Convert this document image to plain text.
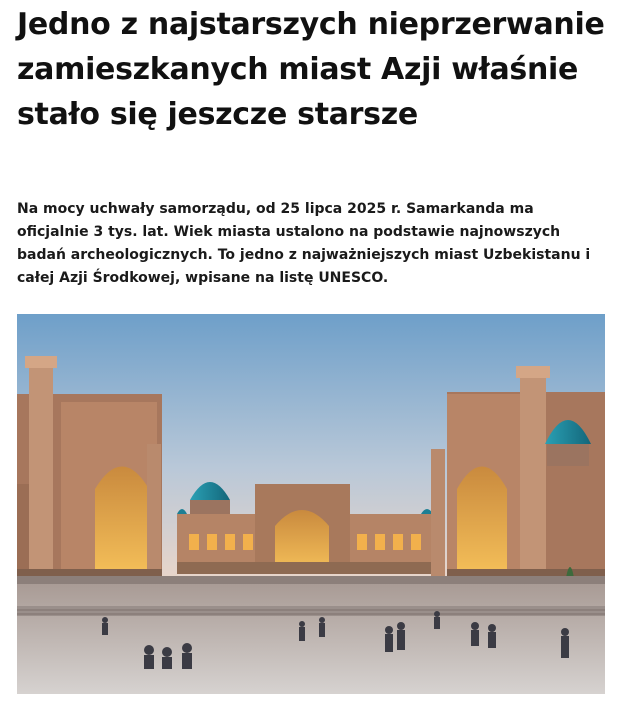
Jedno z najstarszych nieprzerwanie zamieszkanych miast Azji właśnie stało się jeszcze starsze

Na mocy uchwały samorządu, od 25 lipca 2025 r. Samarkanda ma oficjalnie 3 tys. lat. Wiek miasta ustalono na podstawie najnowszych badań archeologicznych. To jedno z najważniejszych miast Uzbekistanu i całej Azji Środkowej, wpisane na listę UNESCO.
